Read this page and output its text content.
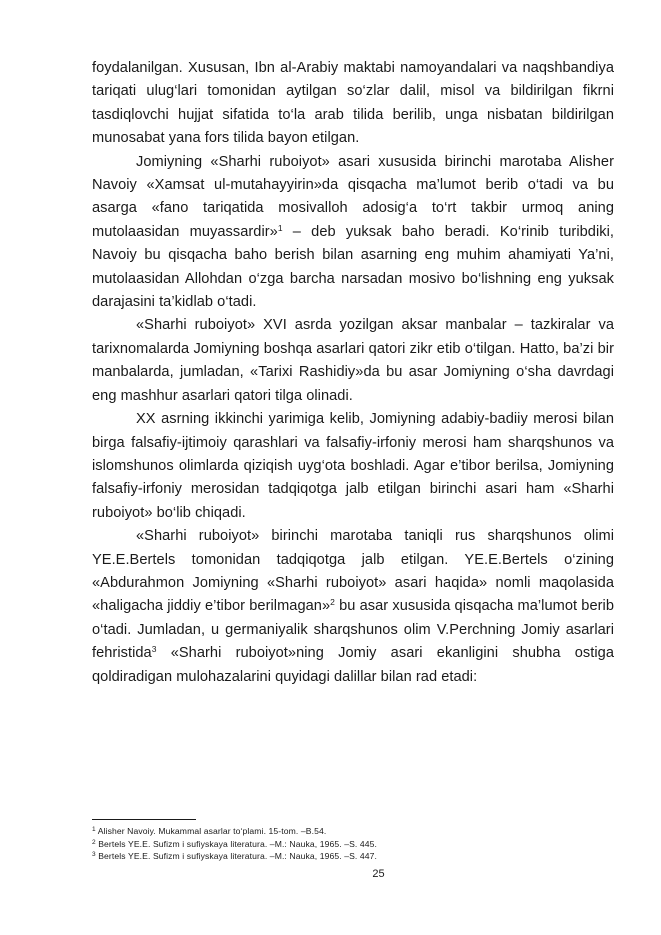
foydalanilgan. Xususan, Ibn al-Arabiy maktabi namoyandalari va naqshbandiya tariqati ulug‘lari tomonidan aytilgan so‘zlar dalil, misol va bildirilgan fikrni tasdiqlovchi hujjat sifatida to‘la arab tilida berilib, unga nisbatan bildirilgan munosabat yana fors tilida bayon etilgan.

Jomiyning «Sharhi ruboiyot» asari xususida birinchi marotaba Alisher Navoiy «Xamsat ul-mutahayyirin»da qisqacha ma’lumot berib o‘tadi va bu asarga «fano tariqatida mosivalloh adosig‘a to‘rt takbir urmoq aning mutolaasidan muyassardir»$^1$ – deb yuksak baho beradi. Ko‘rinib turibdiki, Navoiy bu qisqacha baho berish bilan asarning eng muhim ahamiyati Ya’ni, mutolaasidan Allohdan o‘zga barcha narsadan mosivo bo‘lishning eng yuksak darajasini ta’kidlab o‘tadi.

«Sharhi ruboiyot» XVI asrda yozilgan aksar manbalar – tazkiralar va tarixnomalarda Jomiyning boshqa asarlari qatori zikr etib o‘tilgan. Hatto, ba’zi bir manbalarda, jumladan, «Tarixi Rashidiy»da bu asar Jomiyning o‘sha davrdagi eng mashhur asarlari qatori tilga olinadi.

XX asrning ikkinchi yarimiga kelib, Jomiyning adabiy-badiiy merosi bilan birga falsafiy-ijtimoiy qarashlari va falsafiy-irfoniy merosi ham sharqshunos va islomshunos olimlarda qiziqish uyg‘ota boshladi. Agar e’tibor berilsa, Jomiyning falsafiy-irfoniy merosidan tadqiqotga jalb etilgan birinchi asari ham «Sharhi ruboiyot» bo‘lib chiqadi.

«Sharhi ruboiyot» birinchi marotaba taniqli rus sharqshunos olimi YE.E.Bertels tomonidan tadqiqotga jalb etilgan. YE.E.Bertels o‘zining «Abdurahmon Jomiyning «Sharhi ruboiyot» asari haqida» nomli maqolasida «haligacha jiddiy e’tibor berilmagan»$^2$ bu asar xususida qisqacha ma’lumot berib o‘tadi. Jumladan, u germaniyalik sharqshunos olim V.Perchning Jomiy asarlari fehristida$^3$ «Sharhi ruboiyot»ning Jomiy asari ekanligini shubha ostiga qoldiradigan mulohazalarini quyidagi dalillar bilan rad etadi:

$^1$ Alisher Navoiy. Mukammal asarlar to‘plami. 15-tom. –B.54.

$^2$ Bertels YE.E. Sufizm i sufiyskaya literatura. –M.: Nauka, 1965. –S. 445.

$^3$ Bertels YE.E. Sufizm i sufiyskaya literatura. –M.: Nauka, 1965. –S. 447.

25
